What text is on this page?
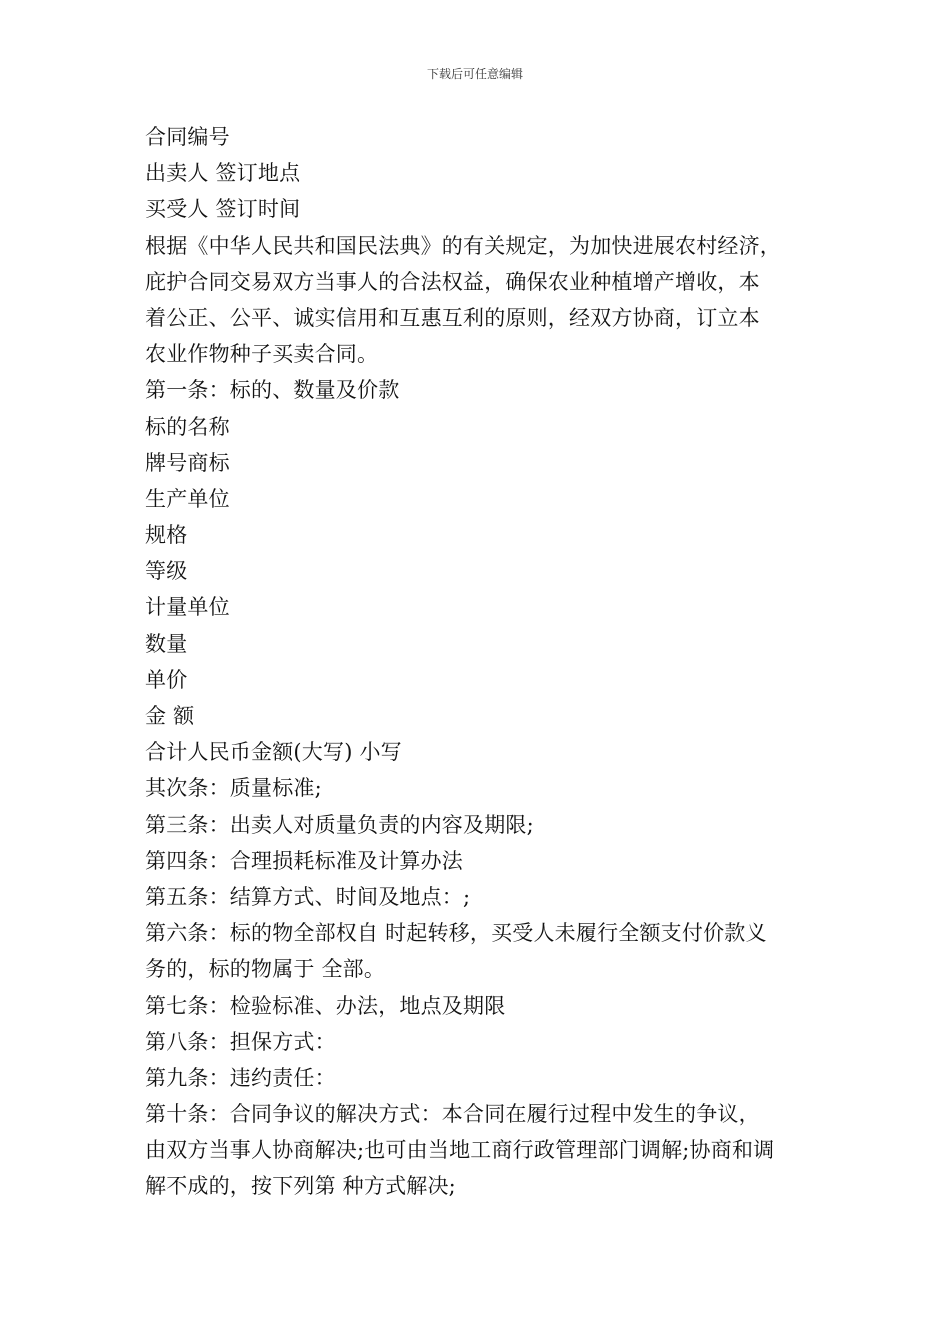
下载后可任意编辑
合同编号
出卖人 签订地点
买受人 签订时间
根据《中华人民共和国民法典》的有关规定，为加快进展农村经济，
庇护合同交易双方当事人的合法权益，确保农业种植增产增收，本
着公正、公平、诚实信用和互惠互利的原则，经双方协商，订立本
农业作物种子买卖合同。
第一条：标的、数量及价款
标的名称
牌号商标
生产单位
规格
等级
计量单位
数量
单价
金 额
合计人民币金额(大写) 小写
其次条：质量标准;
第三条：出卖人对质量负责的内容及期限;
第四条：合理损耗标准及计算办法
第五条：结算方式、时间及地点：;
第六条：标的物全部权自 时起转移，买受人未履行全额支付价款义
务的，标的物属于 全部。
第七条：检验标准、办法，地点及期限
第八条：担保方式：
第九条：违约责任：
第十条：合同争议的解决方式：本合同在履行过程中发生的争议，
由双方当事人协商解决;也可由当地工商行政管理部门调解;协商和调
解不成的，按下列第 种方式解决;
